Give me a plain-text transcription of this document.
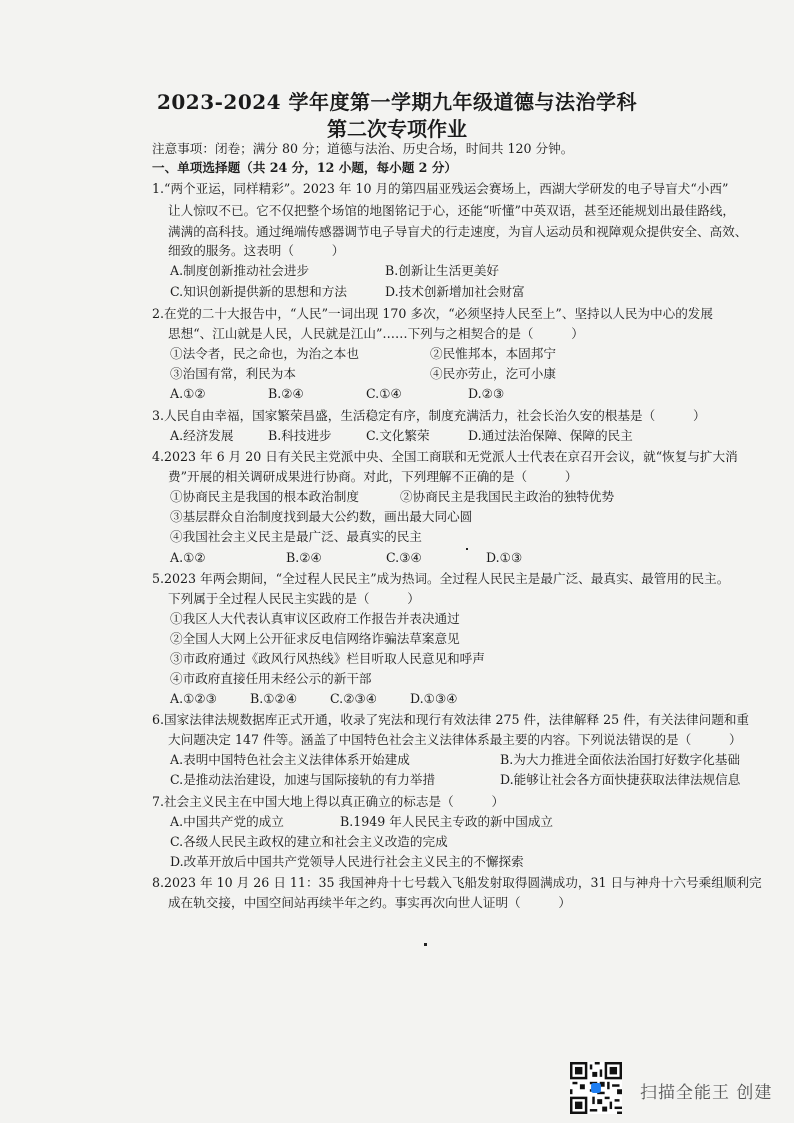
2023-2024 学年度第一学期九年级道德与法治学科
第二次专项作业
注意事项：闭卷；满分 80 分；道德与法治、历史合场，时间共 120 分钟。
一、单项选择题（共 24 分，12 小题，每小题 2 分）
1.“两个亚运，同样精彩”。2023 年 10 月的第四届亚残运会赛场上，西湖大学研发的电子导盲犬“小西”
让人惊叹不已。它不仅把整个场馆的地图铭记于心，还能“听懂”中英双语，甚至还能规划出最佳路线，
满满的高科技。通过绳端传感器调节电子导盲犬的行走速度，为盲人运动员和视障观众提供安全、高效、
细致的服务。这表明（　　　）
A.制度创新推动社会进步	B.创新让生活更美好
C.知识创新提供新的思想和方法	D.技术创新增加社会财富
2.在党的二十大报告中，“人民”一词出现 170 多次，“必须坚持人民至上”、坚持以人民为中心的发展
思想“、江山就是人民，人民就是江山”……下列与之相契合的是（　　　）
①法令者，民之命也，为治之本也	②民惟邦本，本固邦宁
③治国有常，利民为本	④民亦劳止，汔可小康
A.①②	B.②④	C.①④	D.②③
3.人民自由幸福，国家繁荣昌盛，生活稳定有序，制度充满活力，社会长治久安的根基是（　　　）
A.经济发展	B.科技进步	C.文化繁荣	D.通过法治保障、保障的民主
4.2023 年 6 月 20 日有关民主党派中央、全国工商联和无党派人士代表在京召开会议，就“恢复与扩大消
费”开展的相关调研成果进行协商。对此，下列理解不正确的是（　　　）
①协商民主是我国的根本政治制度	②协商民主是我国民主政治的独特优势
③基层群众自治制度找到最大公约数，画出最大同心圆
④我国社会主义民主是最广泛、最真实的民主
A.①②	B.②④	C.③④	D.①③
5.2023 年两会期间，“全过程人民民主”成为热词。全过程人民民主是最广泛、最真实、最管用的民主。
下列属于全过程人民民主实践的是（　　　）
①我区人大代表认真审议区政府工作报告并表决通过
②全国人大网上公开征求反电信网络诈骗法草案意见
③市政府通过《政风行风热线》栏目听取人民意见和呼声
④市政府直接任用未经公示的新干部
A.①②③	B.①②④	C.②③④	D.①③④
6.国家法律法规数据库正式开通，收录了宪法和现行有效法律 275 件，法律解释 25 件，有关法律问题和重
大问题决定 147 件等。涵盖了中国特色社会主义法律体系最主要的内容。下列说法错误的是（　　　）
A.表明中国特色社会主义法律体系开始建成	B.为大力推进全面依法治国打好数字化基础
C.是推动法治建设，加速与国际接轨的有力举措	D.能够让社会各方面快捷获取法律法规信息
7.社会主义民主在中国大地上得以真正确立的标志是（　　　）
A.中国共产党的成立	B.1949 年人民民主专政的新中国成立
C.各级人民民主政权的建立和社会主义改造的完成
D.改革开放后中国共产党领导人民进行社会主义民主的不懈探索
8.2023 年 10 月 26 日 11：35 我国神舟十七号载入飞船发射取得圆满成功，31 日与神舟十六号乘组顺利完
成在轨交接，中国空间站再续半年之约。事实再次向世人证明（　　　）
扫描全能王 创建
